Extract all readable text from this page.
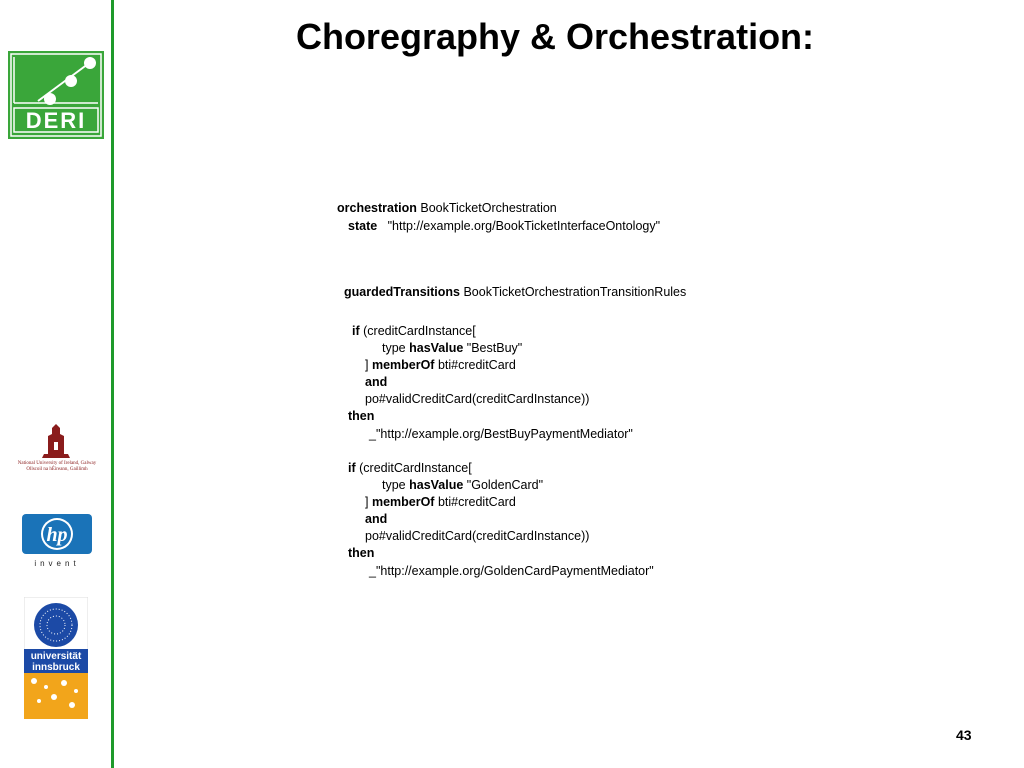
DERI
National University of Ireland, Galway
Ollscoil na hÉireann, Gaillimh
hp
invent
universität
innsbruck
Choregraphy & Orchestration:
orchestration BookTicketOrchestration
state   "http://example.org/BookTicketInterfaceOntology"
guardedTransitions BookTicketOrchestrationTransitionRules
if (creditCardInstance[
type hasValue "BestBuy"
] memberOf bti#creditCard
and
po#validCreditCard(creditCardInstance))
then
_"http://example.org/BestBuyPaymentMediator"
if (creditCardInstance[
type hasValue "GoldenCard"
] memberOf bti#creditCard
and
po#validCreditCard(creditCardInstance))
then
_"http://example.org/GoldenCardPaymentMediator"
43
